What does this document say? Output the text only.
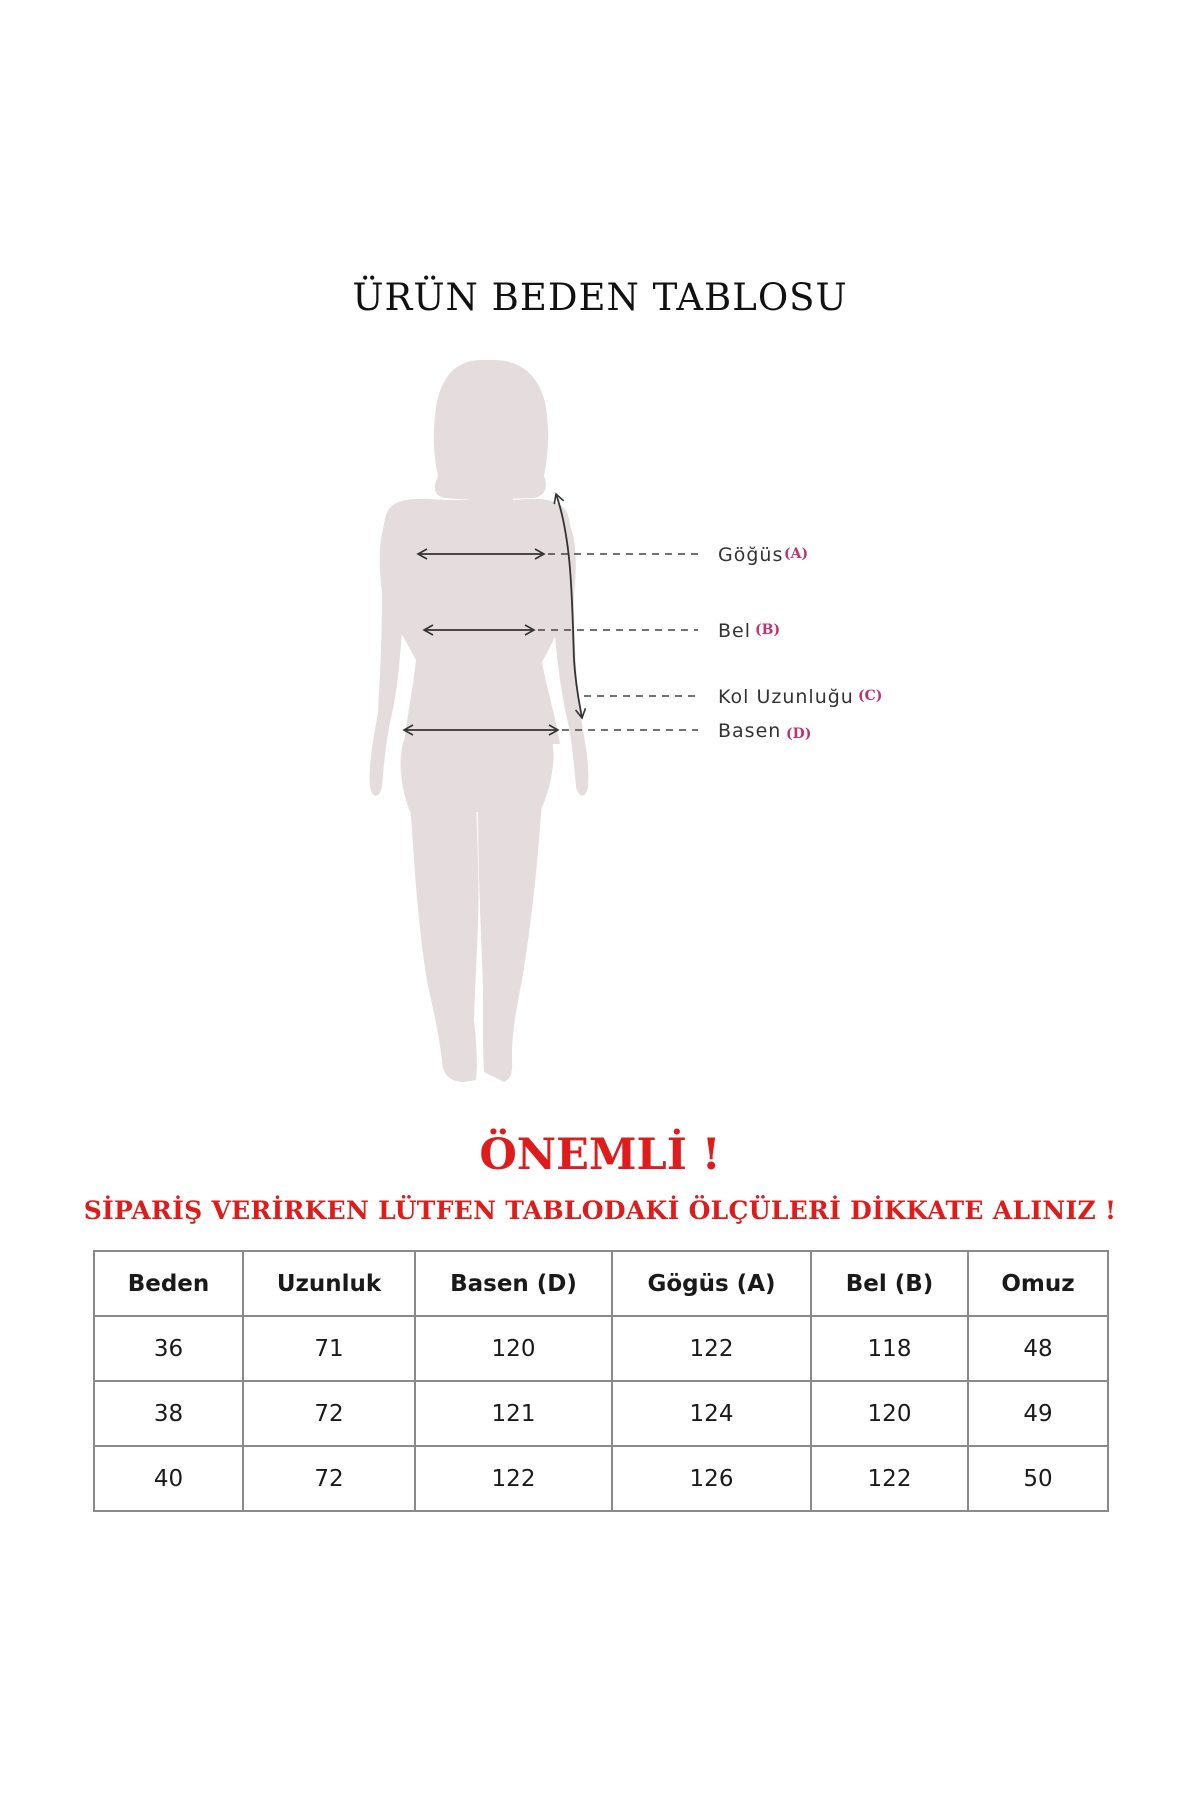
ÜRÜN BEDEN TABLOSU
Göğüs (A)
Bel (B)
Kol Uzunluğu (C)
Basen (D)
ÖNEMLİ !

SİPARİŞ VERİRKEN LÜTFEN TABLODAKİ ÖLÇÜLERİ DİKKATE ALINIZ !

Beden	Uzunluk	Basen (D)	Gögüs (A)	Bel (B)	Omuz
36	71	120	122	118	48
38	72	121	124	120	49
40	72	122	126	122	50
